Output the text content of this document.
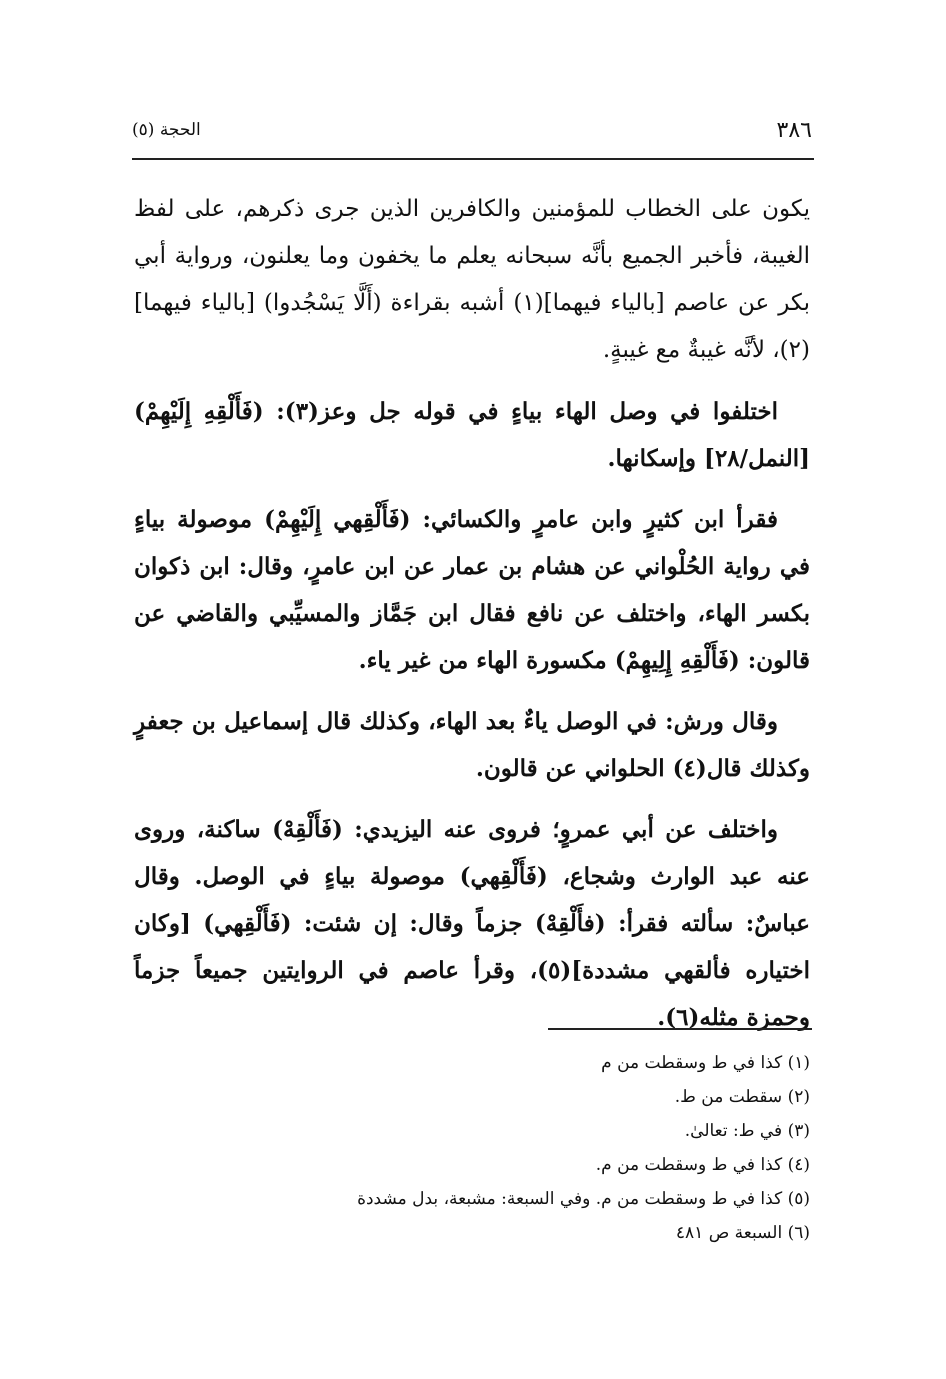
٣٨٦
الحجة (٥)

يكون على الخطاب للمؤمنين والكافرين الذين جرى ذكرهم، على لفظ الغيبة، فأخبر الجميع بأنَّه سبحانه يعلم ما يخفون وما يعلنون، ورواية أبي بكر عن عاصم [بالياء فيهما](١) أشبه بقراءة (أَلَّا يَسْجُدوا) [بالياء فيهما](٢)، لأنَّه غيبةٌ مع غيبةٍ.

اختلفوا في وصل الهاء بياءٍ في قوله جل وعز(٣): (فَأَلْقِهِ إِلَيْهِمْ) [النمل/٢٨] وإسكانها.

فقرأ ابن كثيرٍ وابن عامرٍ والكسائي: (فَأَلْقِهي إِلَيْهِمْ) موصولة بياءٍ في رواية الحُلْواني عن هشام بن عمار عن ابن عامرٍ، وقال: ابن ذكوان بكسر الهاء، واختلف عن نافع فقال ابن جَمَّاز والمسيِّبي والقاضي عن قالون: (فَأَلْقِهِ إِلِيهِمْ) مكسورة الهاء من غير ياء.

وقال ورش: في الوصل ياءٌ بعد الهاء، وكذلك قال إسماعيل بن جعفرٍ وكذلك قال(٤) الحلواني عن قالون.

واختلف عن أبي عمروٍ؛ فروى عنه اليزيدي: (فَأَلْقِهْ) ساكنة، وروى عنه عبد الوارث وشجاع، (فَأَلْقِهي) موصولة بياءٍ في الوصل. وقال عباسٌ: سألته فقرأ: (فأَلْقِهْ) جزماً وقال: إن شئت: (فَأَلْقِهي) [وكان اختياره فألقهي مشددة](٥)، وقرأ عاصم في الروايتين جميعاً جزماً وحمزة مثله(٦).

(١) كذا في ط وسقطت من م

(٢) سقطت من ط.

(٣) في ط: تعالىٰ.

(٤) كذا في ط وسقطت من م.

(٥) كذا في ط وسقطت من م. وفي السبعة: مشبعة، بدل مشددة

(٦) السبعة ص ٤٨١
